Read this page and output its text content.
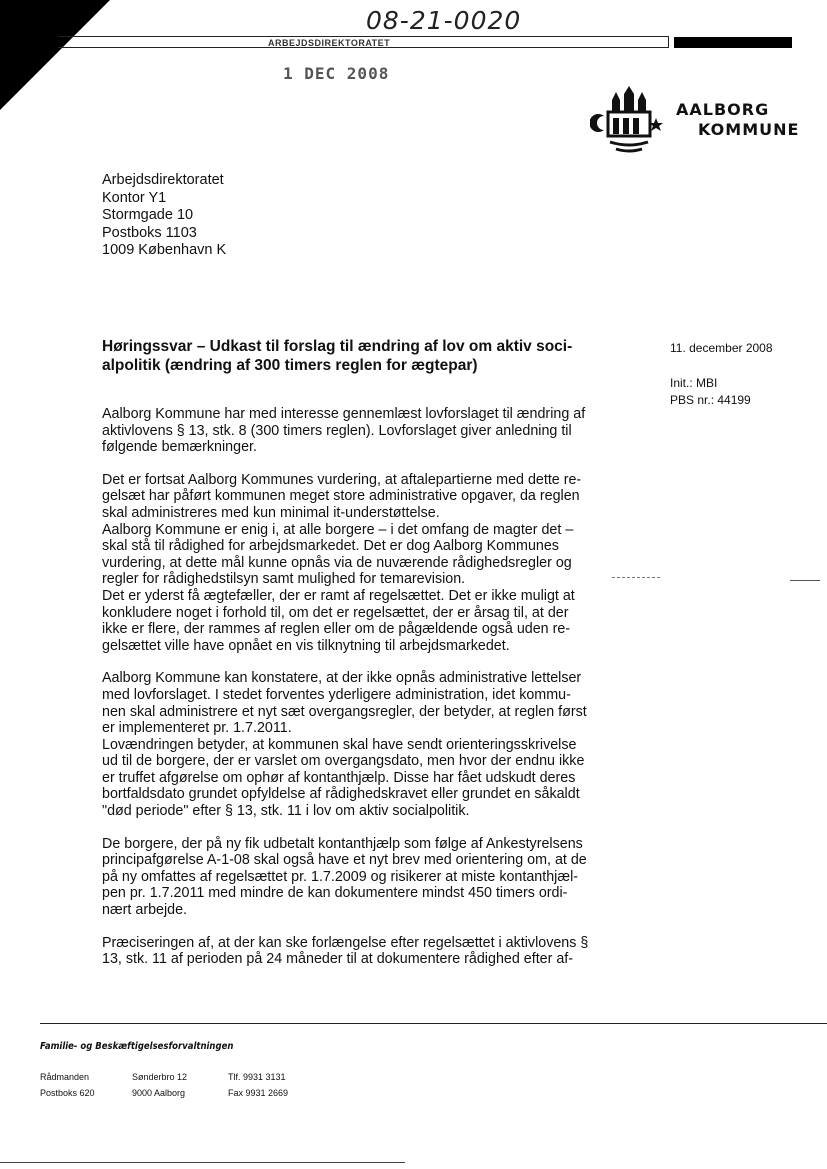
08-21-0020
ARBEJDSDIREKTORATET
1 DEC 2008
AALBORG
KOMMUNE
Arbejdsdirektoratet
Kontor Y1
Stormgade 10
Postboks 1103
1009 København K
11. december 2008
Init.: MBI
PBS nr.: 44199
Høringssvar – Udkast til forslag til ændring af lov om aktiv soci-
alpolitik (ændring af 300 timers reglen for ægtepar)

Aalborg Kommune har med interesse gennemlæst lovforslaget til ændring af
aktivlovens § 13, stk. 8 (300 timers reglen). Lovforslaget giver anledning til
følgende bemærkninger.

Det er fortsat Aalborg Kommunes vurdering, at aftalepartierne med dette re-
gelsæt har påført kommunen meget store administrative opgaver, da reglen
skal administreres med kun minimal it-understøttelse.
Aalborg Kommune er enig i, at alle borgere – i det omfang de magter det –
skal stå til rådighed for arbejdsmarkedet. Det er dog Aalborg Kommunes
vurdering, at dette mål kunne opnås via de nuværende rådighedsregler og
regler for rådighedstilsyn samt mulighed for temarevision.
Det er yderst få ægtefæller, der er ramt af regelsættet. Det er ikke muligt at
konkludere noget i forhold til, om det er regelsættet, der er årsag til, at der
ikke er flere, der rammes af reglen eller om de pågældende også uden re-
gelsættet ville have opnået en vis tilknytning til arbejdsmarkedet.

Aalborg Kommune kan konstatere, at der ikke opnås administrative lettelser
med lovforslaget. I stedet forventes yderligere administration, idet kommu-
nen skal administrere et nyt sæt overgangsregler, der betyder, at reglen først
er implementeret pr. 1.7.2011.
Lovændringen betyder, at kommunen skal have sendt orienteringsskrivelse
ud til de borgere, der er varslet om overgangsdato, men hvor der endnu ikke
er truffet afgørelse om ophør af kontanthjælp. Disse har fået udskudt deres
bortfaldsdato grundet opfyldelse af rådighedskravet eller grundet en såkaldt
"død periode" efter § 13, stk. 11 i lov om aktiv socialpolitik.

De borgere, der på ny fik udbetalt kontanthjælp som følge af Ankestyrelsens
principafgørelse A-1-08 skal også have et nyt brev med orientering om, at de
på ny omfattes af regelsættet pr. 1.7.2009 og risikerer at miste kontanthjæl-
pen pr. 1.7.2011 med mindre de kan dokumentere mindst 450 timers ordi-
nært arbejde.

Præciseringen af, at der kan ske forlængelse efter regelsættet i aktivlovens §
13, stk. 11 af perioden på 24 måneder til at dokumentere rådighed efter af-

Familie- og Beskæftigelsesforvaltningen
Rådmanden
Postboks 620
Sønderbro 12
9000 Aalborg
Tlf. 9931 3131
Fax 9931 2669
